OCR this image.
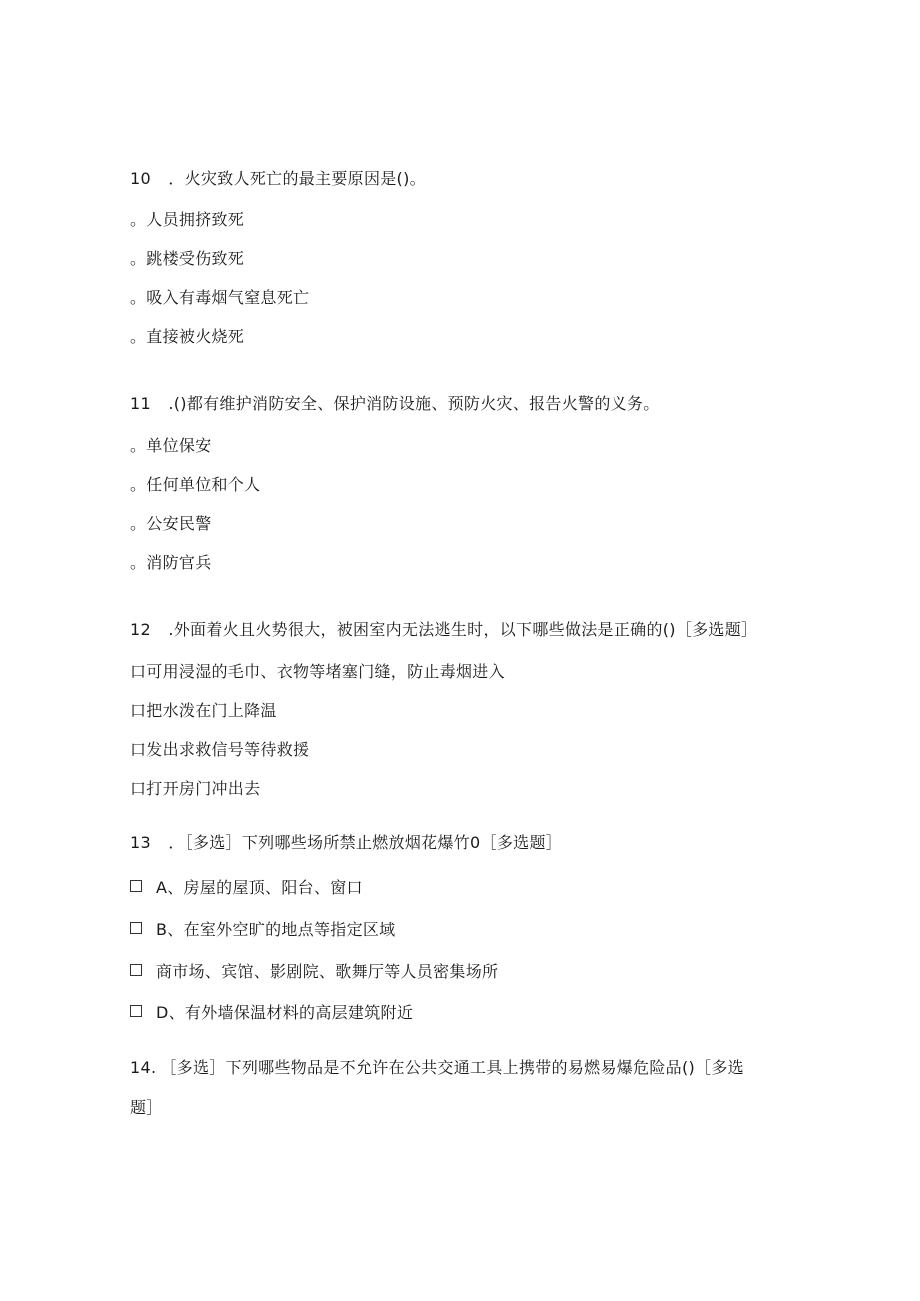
10 ．火灾致人死亡的最主要原因是()。
。人员拥挤致死
。跳楼受伤致死
。吸入有毒烟气窒息死亡
。直接被火烧死
11 .()都有维护消防安全、保护消防设施、预防火灾、报告火警的义务。
。单位保安
。任何单位和个人
。公安民警
。消防官兵
12 .外面着火且火势很大，被困室内无法逃生时，以下哪些做法是正确的()［多选题］
口可用浸湿的毛巾、衣物等堵塞门缝，防止毒烟进入
口把水泼在门上降温
口发出求救信号等待救援
口打开房门冲出去
13 ．［多选］下列哪些场所禁止燃放烟花爆竹0［多选题］
A、房屋的屋顶、阳台、窗口
B、在室外空旷的地点等指定区域
商市场、宾馆、影剧院、歌舞厅等人员密集场所
D、有外墙保温材料的高层建筑附近
14. ［多选］下列哪些物品是不允许在公共交通工具上携带的易燃易爆危险品()［多选
题］
